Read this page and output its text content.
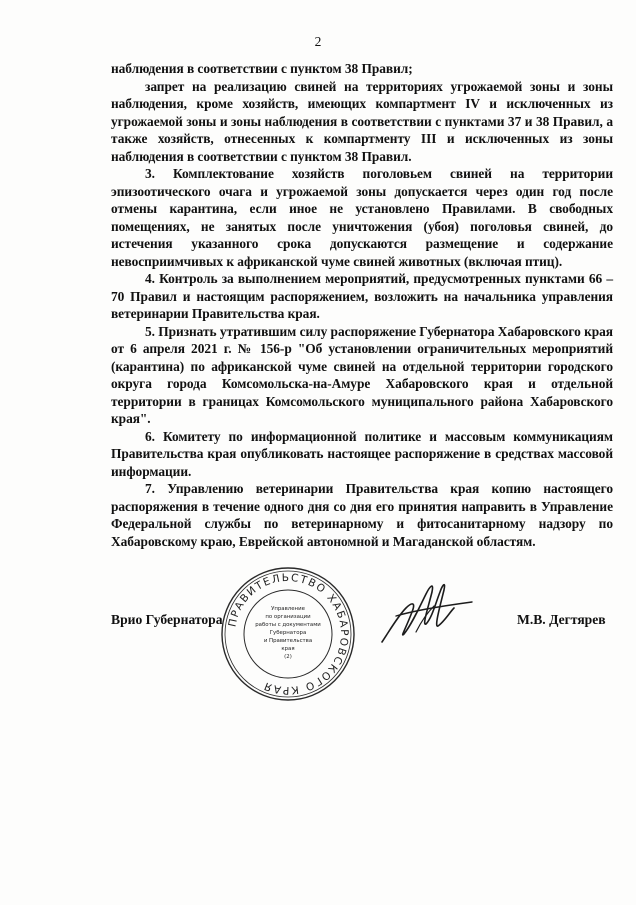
2

наблюдения в соответствии с пунктом 38 Правил;

запрет на реализацию свиней на территориях угрожаемой зоны и зоны наблюдения, кроме хозяйств, имеющих компартмент IV и исключенных из угрожаемой зоны и зоны наблюдения в соответствии с пунктами 37 и 38 Правил, а также хозяйств, отнесенных к компартменту III и исключенных из зоны наблюдения в соответствии с пунктом 38 Правил.

3. Комплектование хозяйств поголовьем свиней на территории эпизоотического очага и угрожаемой зоны допускается через один год после отмены карантина, если иное не установлено Правилами. В свободных помещениях, не занятых после уничтожения (убоя) поголовья свиней, до истечения указанного срока допускаются размещение и содержание невосприимчивых к африканской чуме свиней животных (включая птиц).

4. Контроль за выполнением мероприятий, предусмотренных пунктами 66 – 70 Правил и настоящим распоряжением, возложить на начальника управления ветеринарии Правительства края.

5. Признать утратившим силу распоряжение Губернатора Хабаровского края от 6 апреля 2021 г. № 156-р "Об установлении ограничительных мероприятий (карантина) по африканской чуме свиней на отдельной территории городского округа города Комсомольска-на-Амуре Хабаровского края и отдельной территории в границах Комсомольского муниципального района Хабаровского края".

6. Комитету по информационной политике и массовым коммуникациям Правительства края опубликовать настоящее распоряжение в средствах массовой информации.

7. Управлению ветеринарии Правительства края копию настоящего распоряжения в течение одного дня со дня его принятия направить в Управление Федеральной службы по ветеринарному и фитосанитарному надзору по Хабаровскому краю, Еврейской автономной и Магаданской областям.

Врио Губернатора ПРАВИТЕЛЬСТВО ХАБАРОВСКОГО КРАЯ
Управление
по организации
работы с документами
Губернатора
и Правительства
края
(2)
М.В. Дегтярев
